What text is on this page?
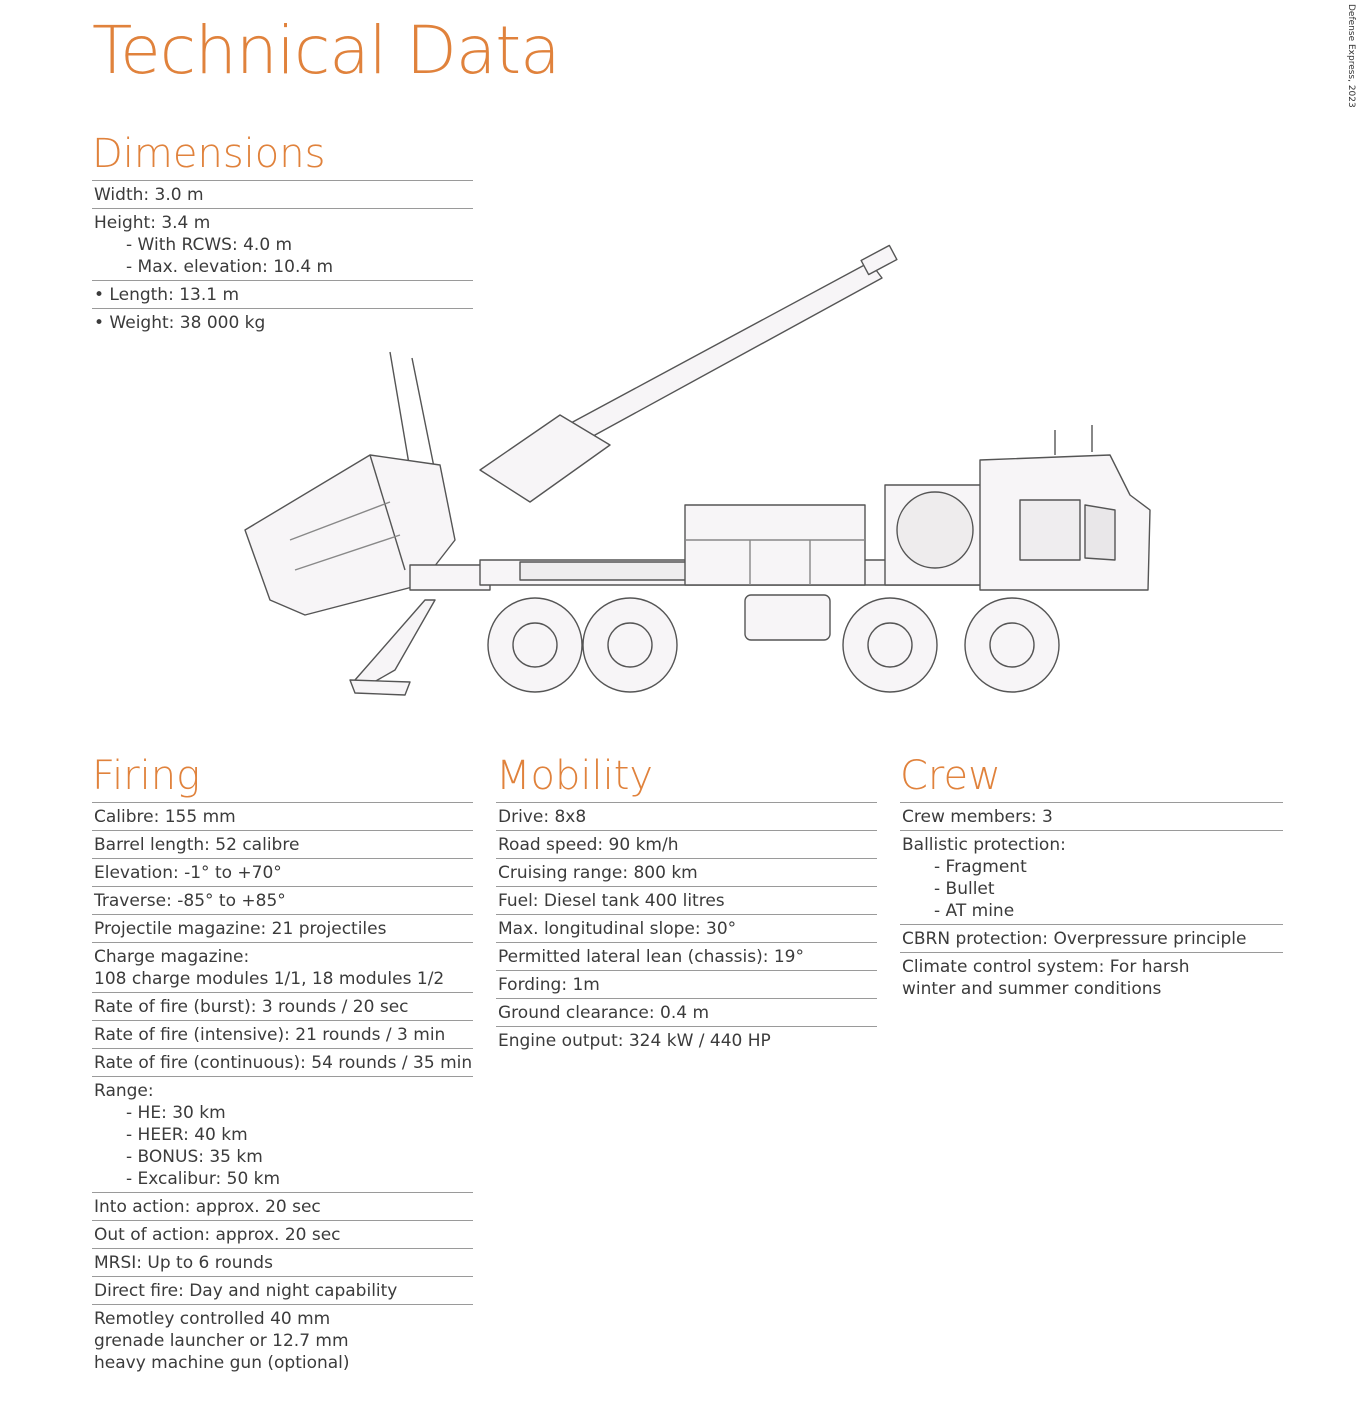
Technical Data	Defense Express, 2023
Dimensions
Width: 3.0 m
Height: 3.4 m
- With RCWS: 4.0 m
- Max. elevation: 10.4 m
• Length: 13.1 m
• Weight: 38 000 kg
Firing
Calibre: 155 mm
Barrel length: 52 calibre
Elevation: -1° to +70°
Traverse: -85° to +85°
Projectile magazine: 21 projectiles
Charge magazine:
108 charge modules 1/1, 18 modules 1/2
Rate of fire (burst): 3 rounds / 20 sec
Rate of fire (intensive): 21 rounds / 3 min
Rate of fire (continuous): 54 rounds / 35 min
Range:
- HE: 30 km
- HEER: 40 km
- BONUS: 35 km
- Excalibur: 50 km
Into action: approx. 20 sec
Out of action: approx. 20 sec
MRSI: Up to 6 rounds
Direct fire: Day and night capability
Remotley controlled 40 mm
grenade launcher or 12.7 mm
heavy machine gun (optional)
Mobility
Drive: 8x8
Road speed: 90 km/h
Cruising range: 800 km
Fuel: Diesel tank 400 litres
Max. longitudinal slope: 30°
Permitted lateral lean (chassis): 19°
Fording: 1m
Ground clearance: 0.4 m
Engine output: 324 kW / 440 HP
Crew
Crew members: 3
Ballistic protection:
- Fragment
- Bullet
- AT mine
CBRN protection: Overpressure principle
Climate control system: For harsh
winter and summer conditions
